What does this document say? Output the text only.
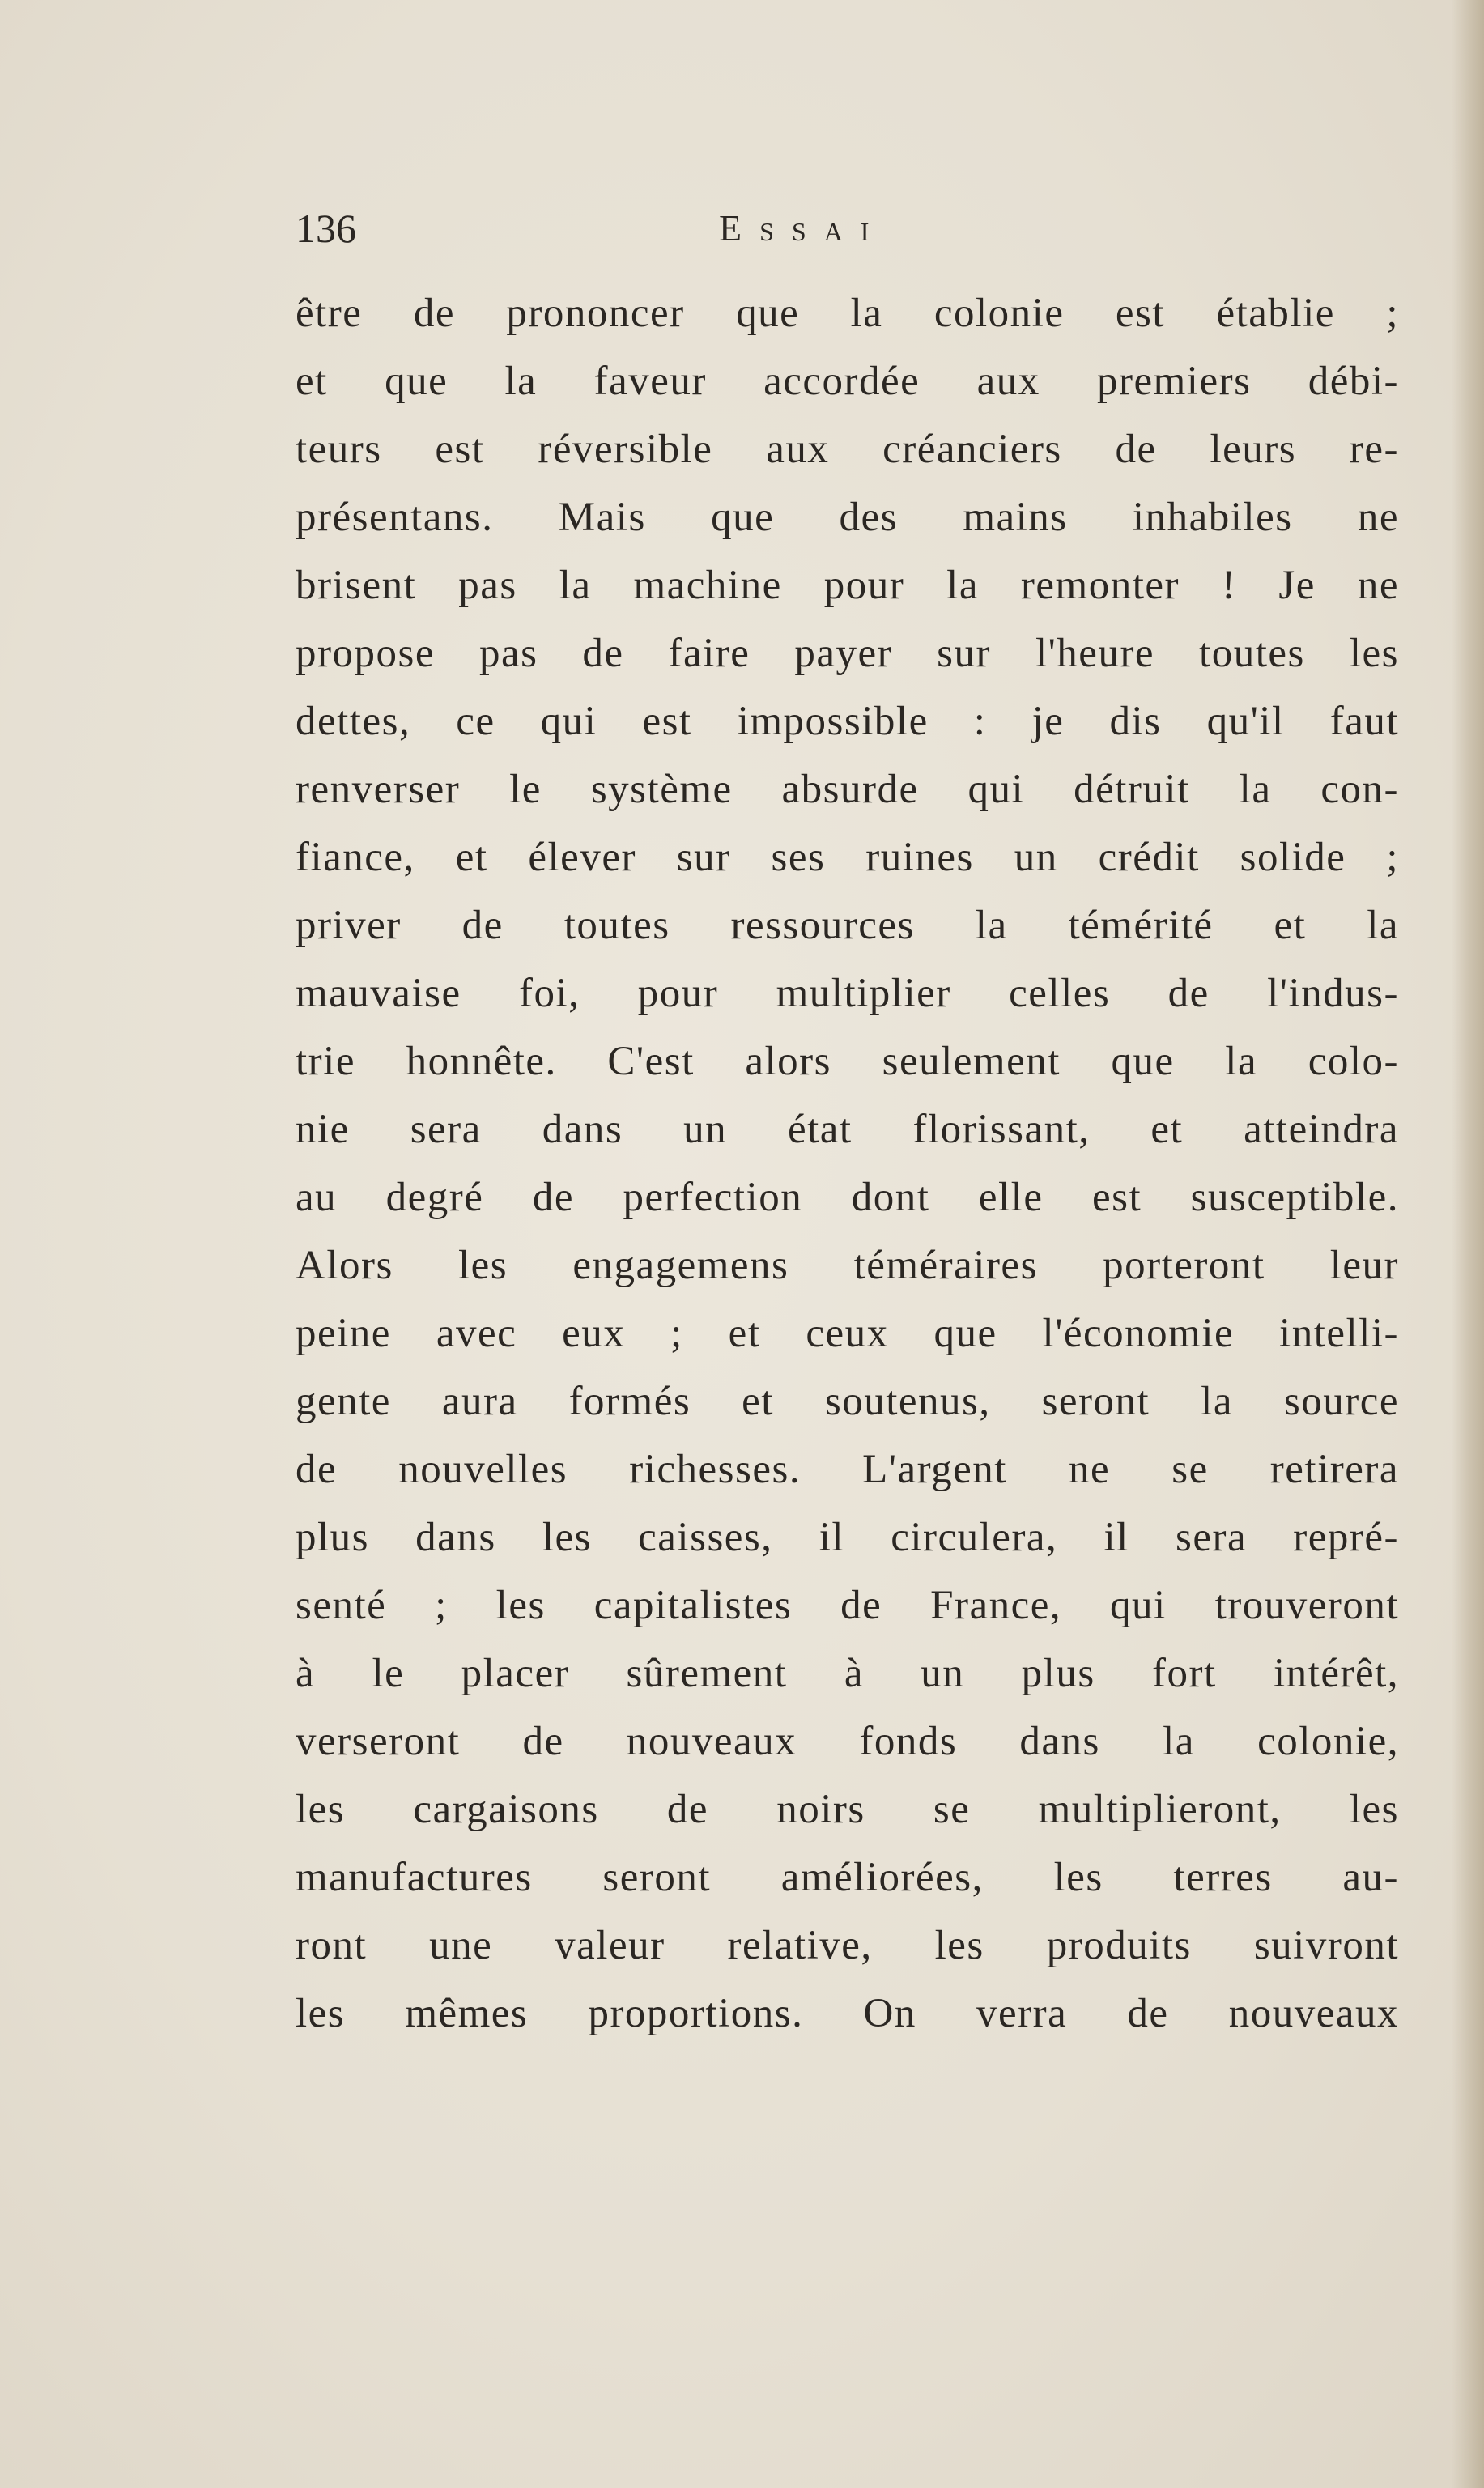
136	Essai
être de prononcer que la colonie est établie ;
et que la faveur accordée aux premiers débi-
teurs est réversible aux créanciers de leurs re-
présentans. Mais que des mains inhabiles ne
brisent pas la machine pour la remonter ! Je ne
propose pas de faire payer sur l'heure toutes les
dettes, ce qui est impossible : je dis qu'il faut
renverser le système absurde qui détruit la con-
fiance, et élever sur ses ruines un crédit solide ;
priver de toutes ressources la témérité et la
mauvaise foi, pour multiplier celles de l'indus-
trie honnête. C'est alors seulement que la colo-
nie sera dans un état florissant, et atteindra
au degré de perfection dont elle est susceptible.
Alors les engagemens téméraires porteront leur
peine avec eux ; et ceux que l'économie intelli-
gente aura formés et soutenus, seront la source
de nouvelles richesses. L'argent ne se retirera
plus dans les caisses, il circulera, il sera repré-
senté ; les capitalistes de France, qui trouveront
à le placer sûrement à un plus fort intérêt,
verseront de nouveaux fonds dans la colonie,
les cargaisons de noirs se multiplieront, les
manufactures seront améliorées, les terres au-
ront une valeur relative, les produits suivront
les mêmes proportions. On verra de nouveaux
